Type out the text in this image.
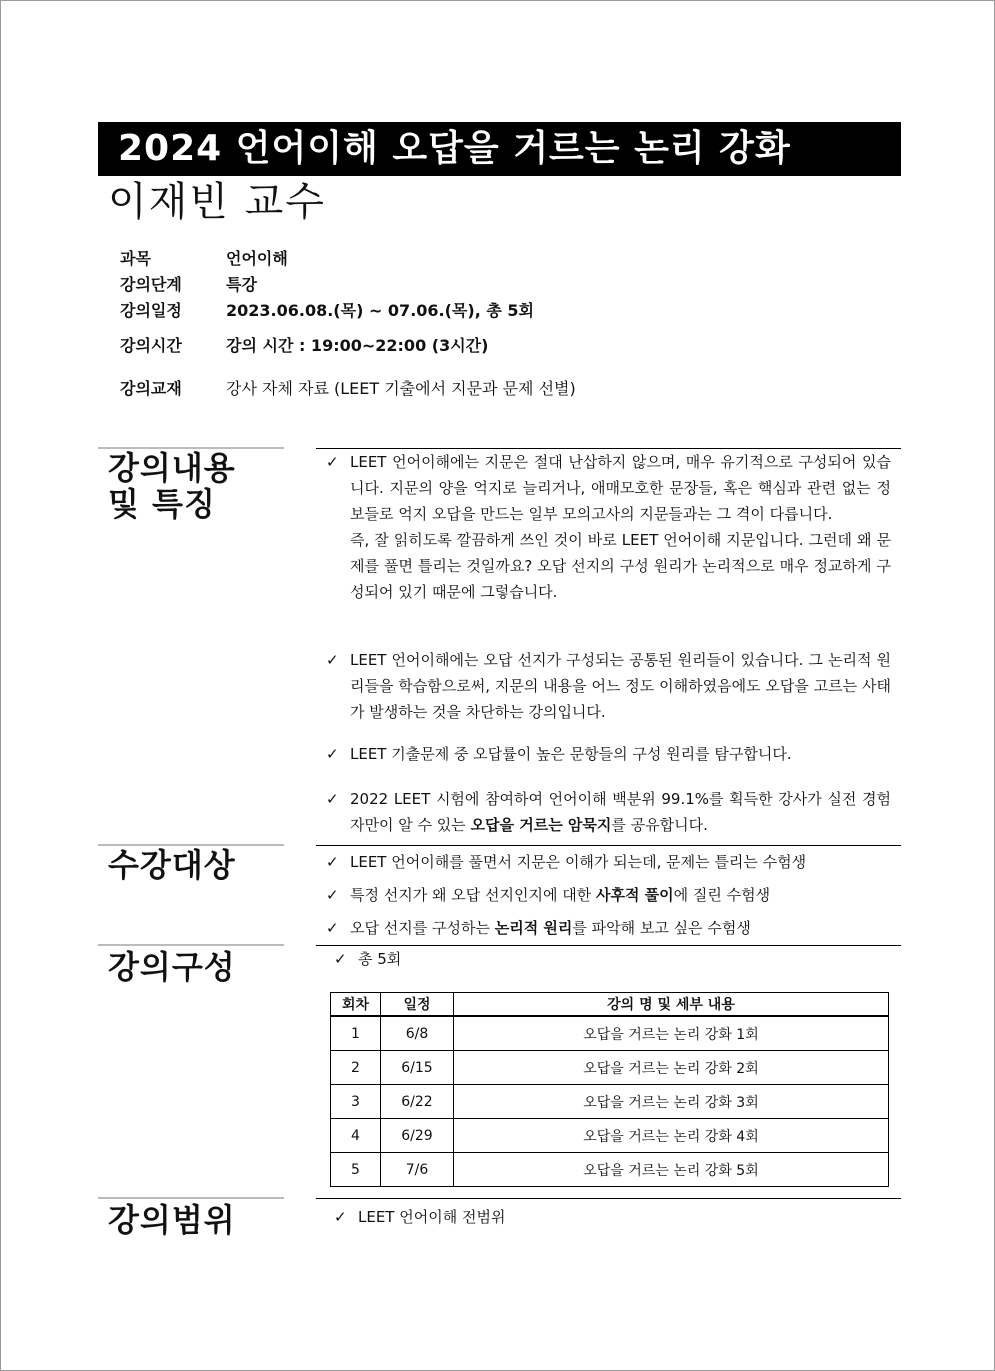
2024 언어이해 오답을 거르는 논리 강화
이재빈 교수
과목	언어이해
강의단계	특강
강의일정	2023.06.08.(목) ~ 07.06.(목), 총 5회
강의시간	강의 시간 : 19:00~22:00 (3시간)
강의교재	강사 자체 자료 (LEET 기출에서 지문과 문제 선별)
강의내용
및 특징
✓ LEET 언어이해에는 지문은 절대 난삽하지 않으며, 매우 유기적으로 구성되어 있습니다. 지문의 양을 억지로 늘리거나, 애매모호한 문장들, 혹은 핵심과 관련 없는 정보들로 억지 오답을 만드는 일부 모의고사의 지문들과는 그 격이 다릅니다.

즉, 잘 읽히도록 깔끔하게 쓰인 것이 바로 LEET 언어이해 지문입니다. 그런데 왜 문제를 풀면 틀리는 것일까요? 오답 선지의 구성 원리가 논리적으로 매우 정교하게 구성되어 있기 때문에 그렇습니다.

✓ LEET 언어이해에는 오답 선지가 구성되는 공통된 원리들이 있습니다. 그 논리적 원리들을 학습함으로써, 지문의 내용을 어느 정도 이해하였음에도 오답을 고르는 사태가 발생하는 것을 차단하는 강의입니다.
✓ LEET 기출문제 중 오답률이 높은 문항들의 구성 원리를 탐구합니다.
✓ 2022 LEET 시험에 참여하여 언어이해 백분위 99.1%를 획득한 강사가 실전 경험자만이 알 수 있는 오답을 거르는 암묵지를 공유합니다.
수강대상	✓ LEET 언어이해를 풀면서 지문은 이해가 되는데, 문제는 틀리는 수험생
✓ 특정 선지가 왜 오답 선지인지에 대한 사후적 풀이에 질린 수험생
✓ 오답 선지를 구성하는 논리적 원리를 파악해 보고 싶은 수험생
강의구성	✓ 총 5회
회차	일정	강의 명 및 세부 내용
1	6/8	오답을 거르는 논리 강화 1회
2	6/15	오답을 거르는 논리 강화 2회
3	6/22	오답을 거르는 논리 강화 3회
4	6/29	오답을 거르는 논리 강화 4회
5	7/6	오답을 거르는 논리 강화 5회
강의범위	✓ LEET 언어이해 전범위
